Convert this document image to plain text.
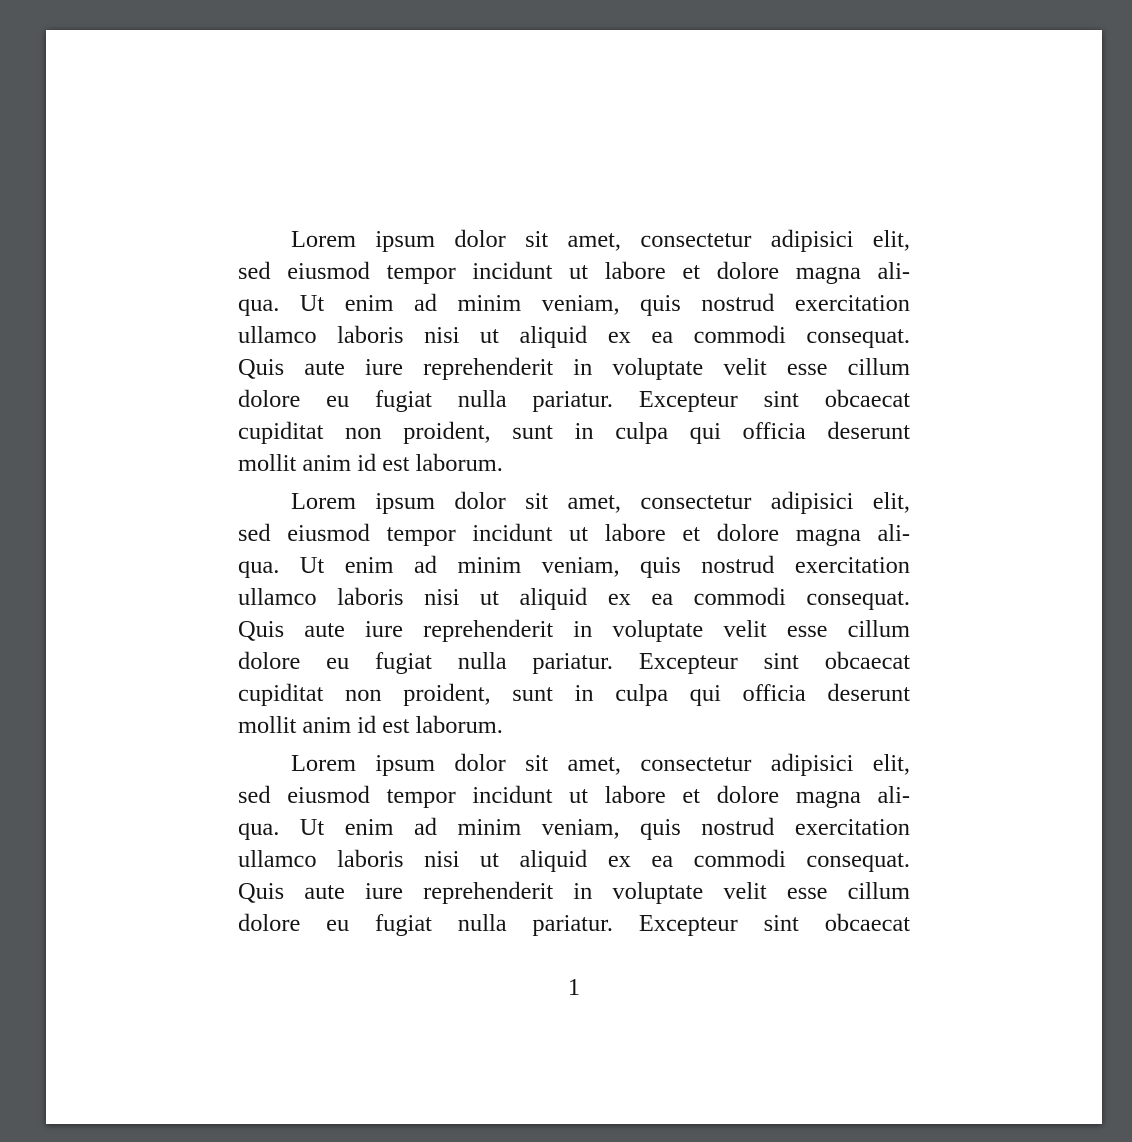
Lorem ipsum dolor sit amet, consectetur adipisici elit,
sed eiusmod tempor incidunt ut labore et dolore magna ali-
qua. Ut enim ad minim veniam, quis nostrud exercitation
ullamco laboris nisi ut aliquid ex ea commodi consequat.
Quis aute iure reprehenderit in voluptate velit esse cillum
dolore eu fugiat nulla pariatur. Excepteur sint obcaecat
cupiditat non proident, sunt in culpa qui officia deserunt
mollit anim id est laborum.
Lorem ipsum dolor sit amet, consectetur adipisici elit,
sed eiusmod tempor incidunt ut labore et dolore magna ali-
qua. Ut enim ad minim veniam, quis nostrud exercitation
ullamco laboris nisi ut aliquid ex ea commodi consequat.
Quis aute iure reprehenderit in voluptate velit esse cillum
dolore eu fugiat nulla pariatur. Excepteur sint obcaecat
cupiditat non proident, sunt in culpa qui officia deserunt
mollit anim id est laborum.
Lorem ipsum dolor sit amet, consectetur adipisici elit,
sed eiusmod tempor incidunt ut labore et dolore magna ali-
qua. Ut enim ad minim veniam, quis nostrud exercitation
ullamco laboris nisi ut aliquid ex ea commodi consequat.
Quis aute iure reprehenderit in voluptate velit esse cillum
dolore eu fugiat nulla pariatur. Excepteur sint obcaecat
1
